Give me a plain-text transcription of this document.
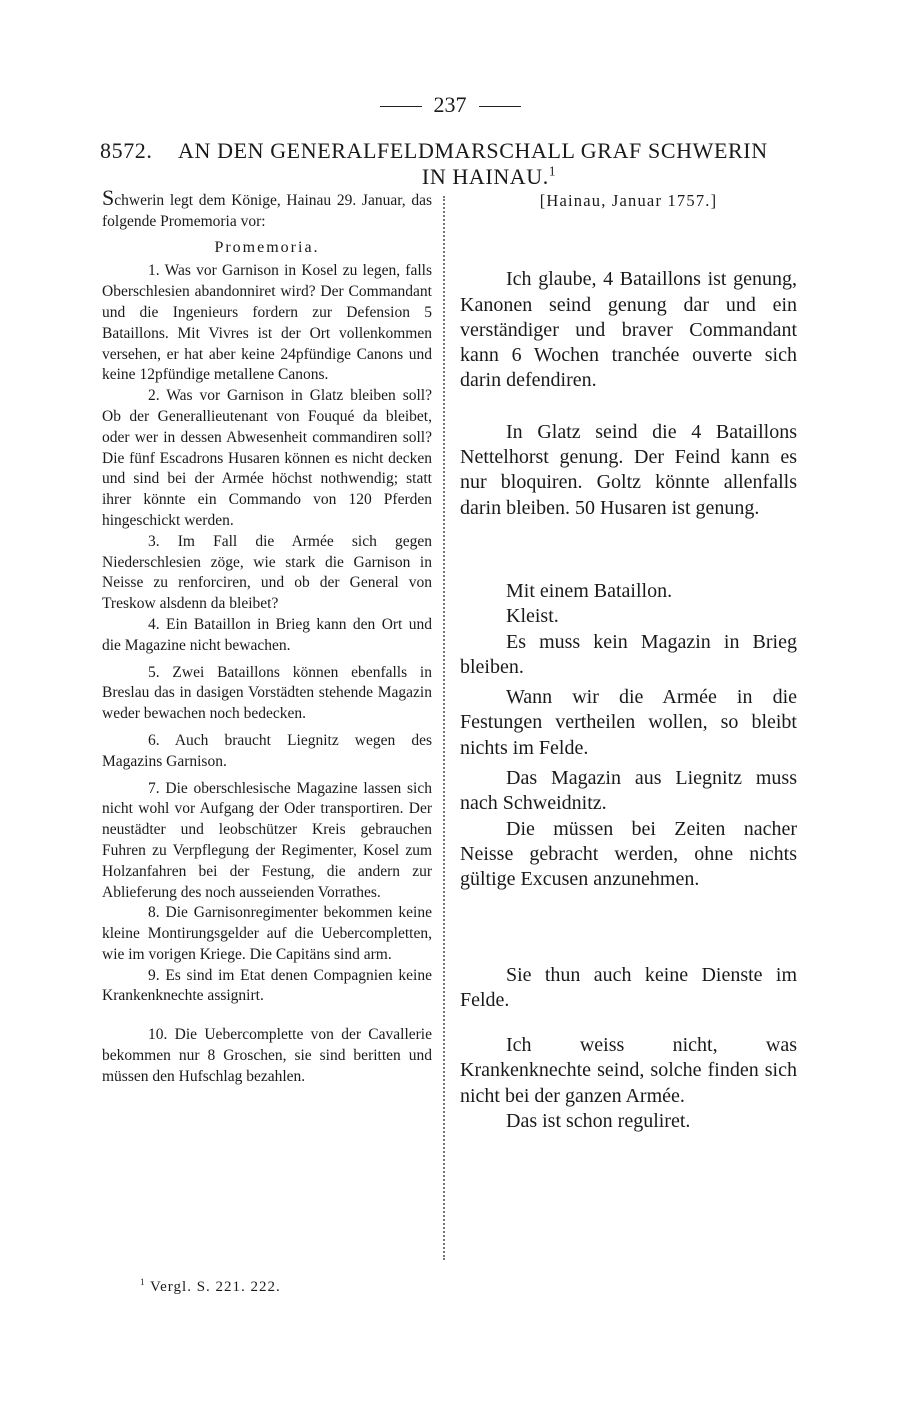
237
8572.	AN DEN GENERALFELDMARSCHALL GRAF SCHWERIN
IN HAINAU.$^1$

Schwerin legt dem Könige, Hainau 29. Januar, das folgende Promemoria vor:

Promemoria.

1. Was vor Garnison in Kosel zu legen, falls Oberschlesien abandonniret wird? Der Commandant und die Ingenieurs fordern zur Defension 5 Bataillons. Mit Vivres ist der Ort vollenkommen versehen, er hat aber keine 24pfündige Canons und keine 12pfündige metallene Canons.

2. Was vor Garnison in Glatz bleiben soll? Ob der Generallieutenant von Fouqué da bleibet, oder wer in dessen Abwesenheit commandiren soll? Die fünf Escadrons Husaren können es nicht decken und sind bei der Armée höchst nothwendig; statt ihrer könnte ein Commando von 120 Pferden hingeschickt werden.

3. Im Fall die Armée sich gegen Niederschlesien zöge, wie stark die Garnison in Neisse zu renforciren, und ob der General von Treskow alsdenn da bleibet?

4. Ein Bataillon in Brieg kann den Ort und die Magazine nicht bewachen.

5. Zwei Bataillons können ebenfalls in Breslau das in dasigen Vorstädten stehende Magazin weder bewachen noch bedecken.

6. Auch braucht Liegnitz wegen des Magazins Garnison.

7. Die oberschlesische Magazine lassen sich nicht wohl vor Aufgang der Oder transportiren. Der neustädter und leobschützer Kreis gebrauchen Fuhren zu Verpflegung der Regimenter, Kosel zum Holzanfahren bei der Festung, die andern zur Ablieferung des noch ausseienden Vorrathes.

8. Die Garnisonregimenter bekommen keine kleine Montirungsgelder auf die Uebercompletten, wie im vorigen Kriege. Die Capitäns sind arm.

9. Es sind im Etat denen Compagnien keine Krankenknechte assignirt.

10. Die Uebercomplette von der Cavallerie bekommen nur 8 Groschen, sie sind beritten und müssen den Hufschlag bezahlen.

[Hainau, Januar 1757.]

Ich glaube, 4 Bataillons ist genung, Kanonen seind genung dar und ein verständiger und braver Commandant kann 6 Wochen tranchée ouverte sich darin defendiren.

In Glatz seind die 4 Bataillons Nettelhorst genung. Der Feind kann es nur bloquiren. Goltz könnte allenfalls darin bleiben. 50 Husaren ist genung.

Mit einem Bataillon.

Kleist.

Es muss kein Magazin in Brieg bleiben.

Wann wir die Armée in die Festungen vertheilen wollen, so bleibt nichts im Felde.

Das Magazin aus Liegnitz muss nach Schweidnitz.

Die müssen bei Zeiten nacher Neisse gebracht werden, ohne nichts gültige Excusen anzunehmen.

Sie thun auch keine Dienste im Felde.

Ich weiss nicht, was Krankenknechte seind, solche finden sich nicht bei der ganzen Armée.

Das ist schon reguliret.

$^1$ Vergl. S. 221. 222.
